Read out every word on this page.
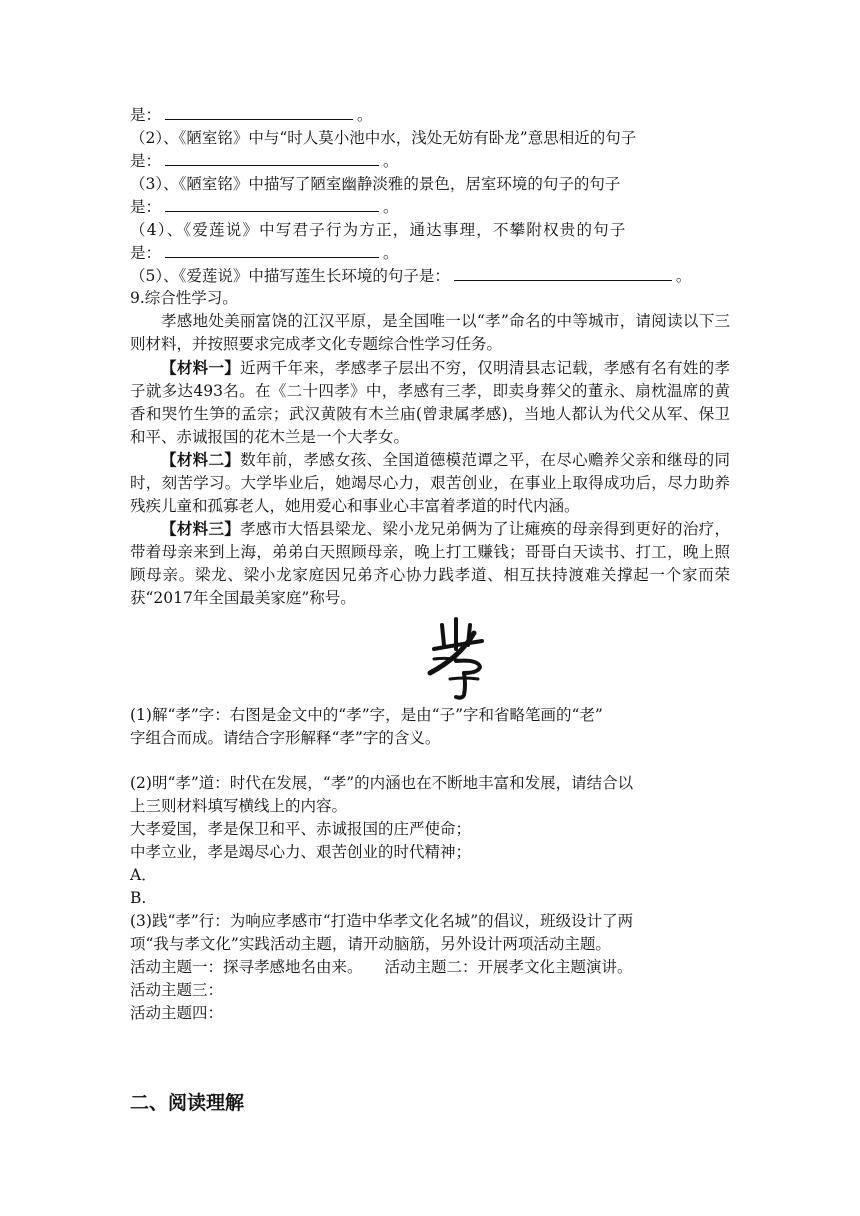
是：	。
（2）、《陋室铭》中与“时人莫小池中水，浅处无妨有卧龙”意思相近的句子
是：	。
（3）、《陋室铭》中描写了陋室幽静淡雅的景色，居室环境的句子的句子
是：	。
（4）、《爱莲说》中写君子行为方正，通达事理，不攀附权贵的句子
是：	。
（5）、《爱莲说》中描写莲生长环境的句子是：	。
9.综合性学习。
孝感地处美丽富饶的江汉平原，是全国唯一以“孝”命名的中等城市，请阅读以下三则材料，并按照要求完成孝文化专题综合性学习任务。
【材料一】近两千年来，孝感孝子层出不穷，仅明清县志记载，孝感有名有姓的孝子就多达493名。在《二十四孝》中，孝感有三孝，即卖身葬父的董永、扇枕温席的黄香和哭竹生笋的孟宗；武汉黄陂有木兰庙(曾隶属孝感)，当地人都认为代父从军、保卫和平、赤诚报国的花木兰是一个大孝女。
【材料二】数年前，孝感女孩、全国道德模范谭之平，在尽心赡养父亲和继母的同时，刻苦学习。大学毕业后，她竭尽心力，艰苦创业，在事业上取得成功后，尽力助养残疾儿童和孤寡老人，她用爱心和事业心丰富着孝道的时代内涵。
【材料三】孝感市大悟县梁龙、梁小龙兄弟俩为了让瘫痪的母亲得到更好的治疗，带着母亲来到上海，弟弟白天照顾母亲，晚上打工赚钱；哥哥白天读书、打工，晚上照顾母亲。梁龙、梁小龙家庭因兄弟齐心协力践孝道、相互扶持渡难关撑起一个家而荣获“2017年全国最美家庭”称号。
(1)解“孝”字：右图是金文中的“孝”字，是由“子”字和省略笔画的“老”
字组合而成。请结合字形解释“孝”字的含义。
(2)明“孝”道：时代在发展，“孝”的内涵也在不断地丰富和发展，请结合以
上三则材料填写横线上的内容。
大孝爱国，孝是保卫和平、赤诚报国的庄严使命；
中孝立业，孝是竭尽心力、艰苦创业的时代精神；
A．
B.
(3)践“孝”行：为响应孝感市“打造中华孝文化名城”的倡议，班级设计了两
项“我与孝文化”实践活动主题，请开动脑筋，另外设计两项活动主题。
活动主题一：探寻孝感地名由来。 活动主题二：开展孝文化主题演讲。
活动主题三：
活动主题四：
二、阅读理解
